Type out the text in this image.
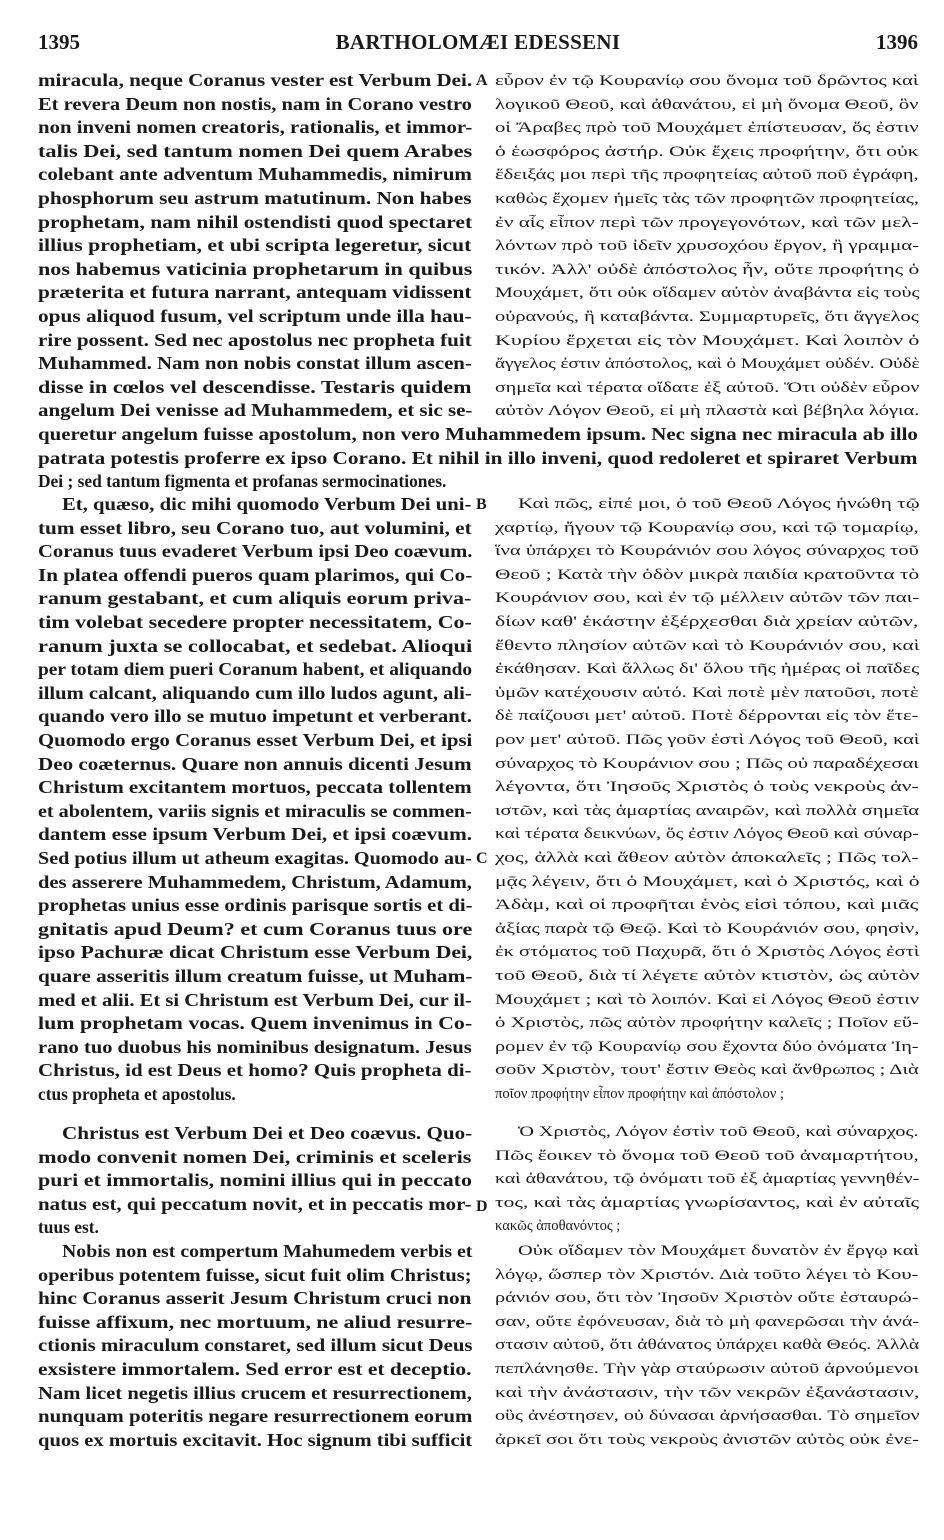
1395	BARTHOLOMÆI EDESSENI	1396
miracula, neque Coranus vester est Verbum Dei.
Et revera Deum non nostis, nam in Corano vestro
non inveni nomen creatoris, rationalis, et immor-
talis Dei, sed tantum nomen Dei quem Arabes
colebant ante adventum Muhammedis, nimirum
phosphorum seu astrum matutinum. Non habes
prophetam, nam nihil ostendisti quod spectaret
illius prophetiam, et ubi scripta legeretur, sicut
nos habemus vaticinia prophetarum in quibus
præterita et futura narrant, antequam vidissent
opus aliquod fusum, vel scriptum unde illa hau-
rire possent. Sed nec apostolus nec propheta fuit
Muhammed. Nam non nobis constat illum ascen-
disse in cœlos vel descendisse. Testaris quidem
angelum Dei venisse ad Muhammedem, et sic se-
εὗρον ἐν τῷ Κουρανίῳ σου ὄνομα τοῦ δρῶντος καὶ
λογικοῦ Θεοῦ, καὶ ἀθανάτου, εἰ μὴ ὄνομα Θεοῦ, ὃν
οἱ Ἄραβες πρὸ τοῦ Μουχάμετ ἐπίστευσαν, ὅς ἐστιν
ὁ ἑωσφόρος ἀστήρ. Οὐκ ἔχεις προφήτην, ὅτι οὐκ
ἔδειξάς μοι περὶ τῆς προφητείας αὐτοῦ ποῦ ἐγράφη,
καθὼς ἔχομεν ἡμεῖς τὰς τῶν προφητῶν προφητείας,
ἐν αἷς εἶπον περὶ τῶν προγεγονότων, καὶ τῶν μελ-
λόντων πρὸ τοῦ ἰδεῖν χρυσοχόου ἔργον, ἢ γραμμα-
τικόν. Ἀλλ' οὐδὲ ἀπόστολος ἦν, οὔτε προφήτης ὁ
Μουχάμετ, ὅτι οὐκ οἴδαμεν αὐτὸν ἀναβάντα εἰς τοὺς
οὐρανούς, ἢ καταβάντα. Συμμαρτυρεῖς, ὅτι ἄγγελος
Κυρίου ἔρχεται εἰς τὸν Μουχάμετ. Καὶ λοιπὸν ὁ
ἄγγελος ἐστιν ἀπόστολος, καὶ ὁ Μουχάμετ οὐδέν. Οὐδὲ
σημεῖα καὶ τέρατα οἴδατε ἐξ αὐτοῦ. Ὅτι οὐδὲν εὗρον
αὐτὸν Λόγον Θεοῦ, εἰ μὴ πλαστὰ καὶ βέβηλα λόγια.
queretur angelum fuisse apostolum, non vero Muhammedem ipsum. Nec signa nec miracula ab illo
patrata potestis proferre ex ipso Corano. Et nihil in illo inveni, quod redoleret et spiraret Verbum
Dei ; sed tantum figmenta et profanas sermocinationes.
Et, quæso, dic mihi quomodo Verbum Dei uni-
tum esset libro, seu Corano tuo, aut volumini, et
Coranus tuus evaderet Verbum ipsi Deo coævum.
In platea offendi pueros quam plarimos, qui Co-
ranum gestabant, et cum aliquis eorum priva-
tim volebat secedere propter necessitatem, Co-
ranum juxta se collocabat, et sedebat. Alioqui
per totam diem pueri Coranum habent, et aliquando
illum calcant, aliquando cum illo ludos agunt, ali-
quando vero illo se mutuo impetunt et verberant.
Quomodo ergo Coranus esset Verbum Dei, et ipsi
Deo coæternus. Quare non annuis dicenti Jesum
Christum excitantem mortuos, peccata tollentem
et abolentem, variis signis et miraculis se commen-
dantem esse ipsum Verbum Dei, et ipsi coævum.
Sed potius illum ut atheum exagitas. Quomodo au-
des asserere Muhammedem, Christum, Adamum,
prophetas unius esse ordinis parisque sortis et di-
gnitatis apud Deum? et cum Coranus tuus ore
ipso Pachuræ dicat Christum esse Verbum Dei,
quare asseritis illum creatum fuisse, ut Muham-
med et alii. Et si Christum est Verbum Dei, cur il-
lum prophetam vocas. Quem invenimus in Co-
rano tuo duobus his nominibus designatum. Jesus
Christus, id est Deus et homo? Quis propheta di-
ctus propheta et apostolus.
Καὶ πῶς, εἰπέ μοι, ὁ τοῦ Θεοῦ Λόγος ἡνώθη τῷ
χαρτίῳ, ἤγουν τῷ Κουρανίῳ σου, καὶ τῷ τομαρίῳ,
ἵνα ὑπάρχει τὸ Κουράνιόν σου λόγος σύναρχος τοῦ
Θεοῦ ; Κατὰ τὴν ὁδὸν μικρὰ παιδία κρατοῦντα τὸ
Κουράνιον σου, καὶ ἐν τῷ μέλλειν αὐτῶν τῶν παι-
δίων καθ' ἑκάστην ἐξέρχεσθαι διὰ χρείαν αὐτῶν,
ἔθεντο πλησίον αὐτῶν καὶ τὸ Κουράνιόν σου, καὶ
ἐκάθησαν. Καὶ ἄλλως δι' ὅλου τῆς ἡμέρας οἱ παῖδες
ὑμῶν κατέχουσιν αὐτό. Καὶ ποτὲ μὲν πατοῦσι, ποτὲ
δὲ παίζουσι μετ' αὐτοῦ. Ποτὲ δέρρονται εἰς τὸν ἕτε-
ρον μετ' αὐτοῦ. Πῶς γοῦν ἐστὶ Λόγος τοῦ Θεοῦ, καὶ
σύναρχος τὸ Κουράνιον σου ; Πῶς οὐ παραδέχεσαι
λέγοντα, ὅτι Ἰησοῦς Χριστὸς ὁ τοὺς νεκροὺς ἀν-
ιστῶν, καὶ τὰς ἁμαρτίας αναιρῶν, καὶ πολλὰ σημεῖα
καὶ τέρατα δεικνύων, ὅς ἐστιν Λόγος Θεοῦ καὶ σύναρ-
χος, ἀλλὰ καὶ ἄθεον αὐτὸν ἀποκαλεῖς ; Πῶς τολ-
μᾷς λέγειν, ὅτι ὁ Μουχάμετ, καὶ ὁ Χριστός, καὶ ὁ
Ἀδὰμ, καὶ οἱ προφῆται ἑνὸς εἰσὶ τόπου, καὶ μιᾶς
ἀξίας παρὰ τῷ Θεῷ. Καὶ τὸ Κουράνιόν σου, φησὶν,
ἐκ στόματος τοῦ Παχυρᾶ, ὅτι ὁ Χριστὸς Λόγος ἐστὶ
τοῦ Θεοῦ, διὰ τί λέγετε αὐτὸν κτιστὸν, ὡς αὐτὸν
Μουχάμετ ; καὶ τὸ λοιπόν. Καὶ εἰ Λόγος Θεοῦ ἐστιν
ὁ Χριστὸς, πῶς αὐτὸν προφήτην καλεῖς ; Ποῖον εὕ-
ρομεν ἐν τῷ Κουρανίῳ σου ἔχοντα δύο ὀνόματα Ἰη-
σοῦν Χριστὸν, τουτ' ἔστιν Θεὸς καὶ ἄνθρωπος ; Διὰ
ποῖον προφήτην εἶπον προφήτην καὶ ἀπόστολον ;
Christus est Verbum Dei et Deo coævus. Quo-
modo convenit nomen Dei, criminis et sceleris
puri et immortalis, nomini illius qui in peccato
natus est, qui peccatum novit, et in peccatis mor-
tuus est.
Ὁ Χριστὸς, Λόγον ἐστὶν τοῦ Θεοῦ, καὶ σύναρχος.
Πῶς ἔοικεν τὸ ὄνομα τοῦ Θεοῦ τοῦ ἀναμαρτήτου,
καὶ ἀθανάτου, τῷ ὀνόματι τοῦ ἐξ ἁμαρτίας γεννηθέν-
τος, καὶ τὰς ἁμαρτίας γνωρίσαντος, καὶ ἐν αὐταῖς
κακῶς ἀποθανόντος ;
Nobis non est compertum Mahumedem verbis et
operibus potentem fuisse, sicut fuit olim Christus;
hinc Coranus asserit Jesum Christum cruci non
fuisse affixum, nec mortuum, ne aliud resurre-
ctionis miraculum constaret, sed illum sicut Deus
exsistere immortalem. Sed error est et deceptio.
Nam licet negetis illius crucem et resurrectionem,
nunquam poteritis negare resurrectionem eorum
quos ex mortuis excitavit. Hoc signum tibi sufficit
Οὐκ οἴδαμεν τὸν Μουχάμετ δυνατὸν ἐν ἔργῳ καὶ
λόγῳ, ὥσπερ τὸν Χριστόν. Διὰ τοῦτο λέγει τὸ Κου-
ράνιόν σου, ὅτι τὸν Ἰησοῦν Χριστὸν οὔτε ἐσταυρώ-
σαν, οὔτε ἐφόνευσαν, διὰ τὸ μὴ φανερῶσαι τὴν ἀνά-
στασιν αὐτοῦ, ὅτι ἀθάνατος ὑπάρχει καθὰ Θεός. Ἀλλὰ
πεπλάνησθε. Τὴν γὰρ σταύρωσιν αὐτοῦ ἀρνούμενοι
καὶ τὴν ἀνάστασιν, τὴν τῶν νεκρῶν ἐξανάστασιν,
οὓς ἀνέστησεν, οὐ δύνασαι ἀρνήσασθαι. Τὸ σημεῖον
ἀρκεῖ σοι ὅτι τοὺς νεκροὺς ἀνιστῶν αὐτὸς οὐκ ἐνε-
A
B
C
D
